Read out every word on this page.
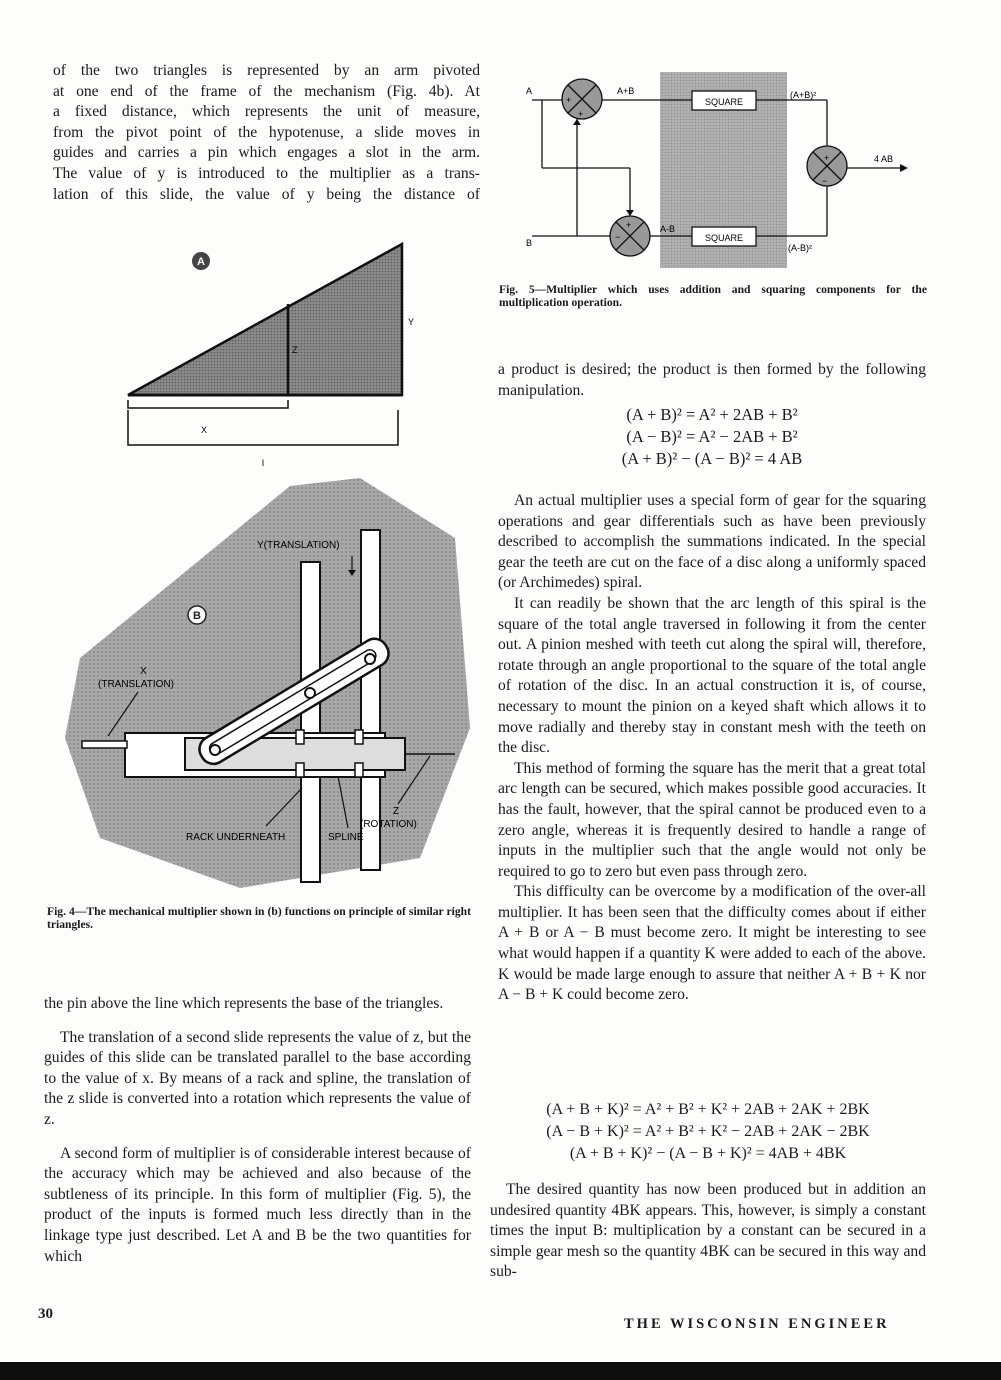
of the two triangles is represented by an arm pivoted
at one end of the frame of the mechanism (Fig. 4b). At
a fixed distance, which represents the unit of measure,
from the pivot point of the hypotenuse, a slide moves in
guides and carries a pin which engages a slot in the arm.
The value of y is introduced to the multiplier as a trans-
lation of this slide, the value of y being the distance of
A
Y
Z
X
I
B
Y(TRANSLATION)
X
(TRANSLATION)
RACK UNDERNEATH	SPLINE
Z
(ROTATION)
Fig. 4—The mechanical multiplier shown in (b) functions on principle of similar right triangles.

the pin above the line which represents the base of the triangles.

The translation of a second slide represents the value of z, but the guides of this slide can be translated parallel to the base according to the value of x. By means of a rack and spline, the translation of the z slide is converted into a rotation which represents the value of z.

A second form of multiplier is of considerable interest because of the accuracy which may be achieved and also because of the subtleness of its principle. In this form of multiplier (Fig. 5), the product of the inputs is formed much less directly than in the linkage type just described. Let A and B be the two quantities for which

A
+
+
A+B
SQUARE
(A+B)²
+
−
4 AB
(A-B)²
B
+
−
A-B
SQUARE
Fig. 5—Multiplier which uses addition and squaring components for the multiplication operation.

a product is desired; the product is then formed by the following manipulation.

(A + B)² = A² + 2AB + B²
(A − B)² = A² − 2AB + B²
(A + B)² − (A − B)² = 4 AB

An actual multiplier uses a special form of gear for the squaring operations and gear differentials such as have been previously described to accomplish the summations indicated. In the special gear the teeth are cut on the face of a disc along a uniformly spaced (or Archimedes) spiral.

It can readily be shown that the arc length of this spiral is the square of the total angle traversed in following it from the center out. A pinion meshed with teeth cut along the spiral will, therefore, rotate through an angle proportional to the square of the total angle of rotation of the disc. In an actual construction it is, of course, necessary to mount the pinion on a keyed shaft which allows it to move radially and thereby stay in constant mesh with the teeth on the disc.

This method of forming the square has the merit that a great total arc length can be secured, which makes possible good accuracies. It has the fault, however, that the spiral cannot be produced even to a zero angle, whereas it is frequently desired to handle a range of inputs in the multiplier such that the angle would not only be required to go to zero but even pass through zero.

This difficulty can be overcome by a modification of the over-all multiplier. It has been seen that the difficulty comes about if either A + B or A − B must become zero. It might be interesting to see what would happen if a quantity K were added to each of the above. K would be made large enough to assure that neither A + B + K nor A − B + K could become zero.

(A + B + K)² = A² + B² + K² + 2AB + 2AK + 2BK
(A − B + K)² = A² + B² + K² − 2AB + 2AK − 2BK
(A + B + K)² − (A − B + K)² = 4AB + 4BK

The desired quantity has now been produced but in addition an undesired quantity 4BK appears. This, however, is simply a constant times the input B: multiplication by a constant can be secured in a simple gear mesh so the quantity 4BK can be secured in this way and sub-

30
THE WISCONSIN ENGINEER
